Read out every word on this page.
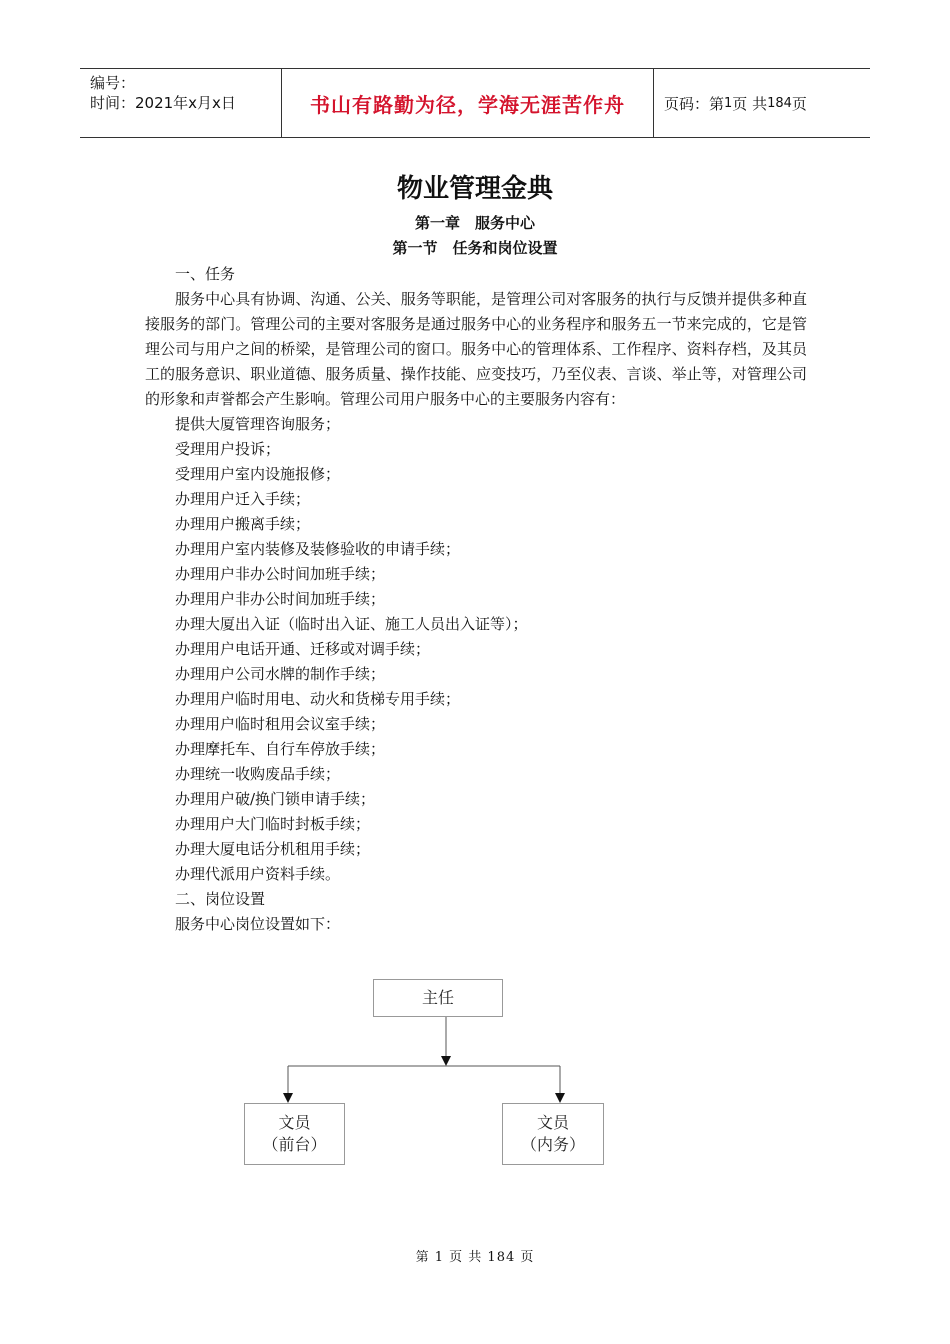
编号：
时间：2021年x月x日	书山有路勤为径，学海无涯苦作舟	页码：第 1 页 共 184 页
物业管理金典
第一章　服务中心
第一节　任务和岗位设置

一、任务

服务中心具有协调、沟通、公关、服务等职能，是管理公司对客服务的执行与反馈并提供多种直接服务的部门。管理公司的主要对客服务是通过服务中心的业务程序和服务五一节来完成的，它是管理公司与用户之间的桥梁，是管理公司的窗口。服务中心的管理体系、工作程序、资料存档，及其员工的服务意识、职业道德、服务质量、操作技能、应变技巧，乃至仪表、言谈、举止等，对管理公司的形象和声誉都会产生影响。管理公司用户服务中心的主要服务内容有：

提供大厦管理咨询服务；

受理用户投诉；

受理用户室内设施报修；

办理用户迁入手续；

办理用户搬离手续；

办理用户室内装修及装修验收的申请手续；

办理用户非办公时间加班手续；

办理用户非办公时间加班手续；

办理大厦出入证（临时出入证、施工人员出入证等）；

办理用户电话开通、迁移或对调手续；

办理用户公司水牌的制作手续；

办理用户临时用电、动火和货梯专用手续；

办理用户临时租用会议室手续；

办理摩托车、自行车停放手续；

办理统一收购废品手续；

办理用户破/换门锁申请手续；

办理用户大门临时封板手续；

办理大厦电话分机租用手续；

办理代派用户资料手续。

二、岗位设置

服务中心岗位设置如下：

主任
文员
（前台）
文员
（内务）
第 1 页 共 184 页
